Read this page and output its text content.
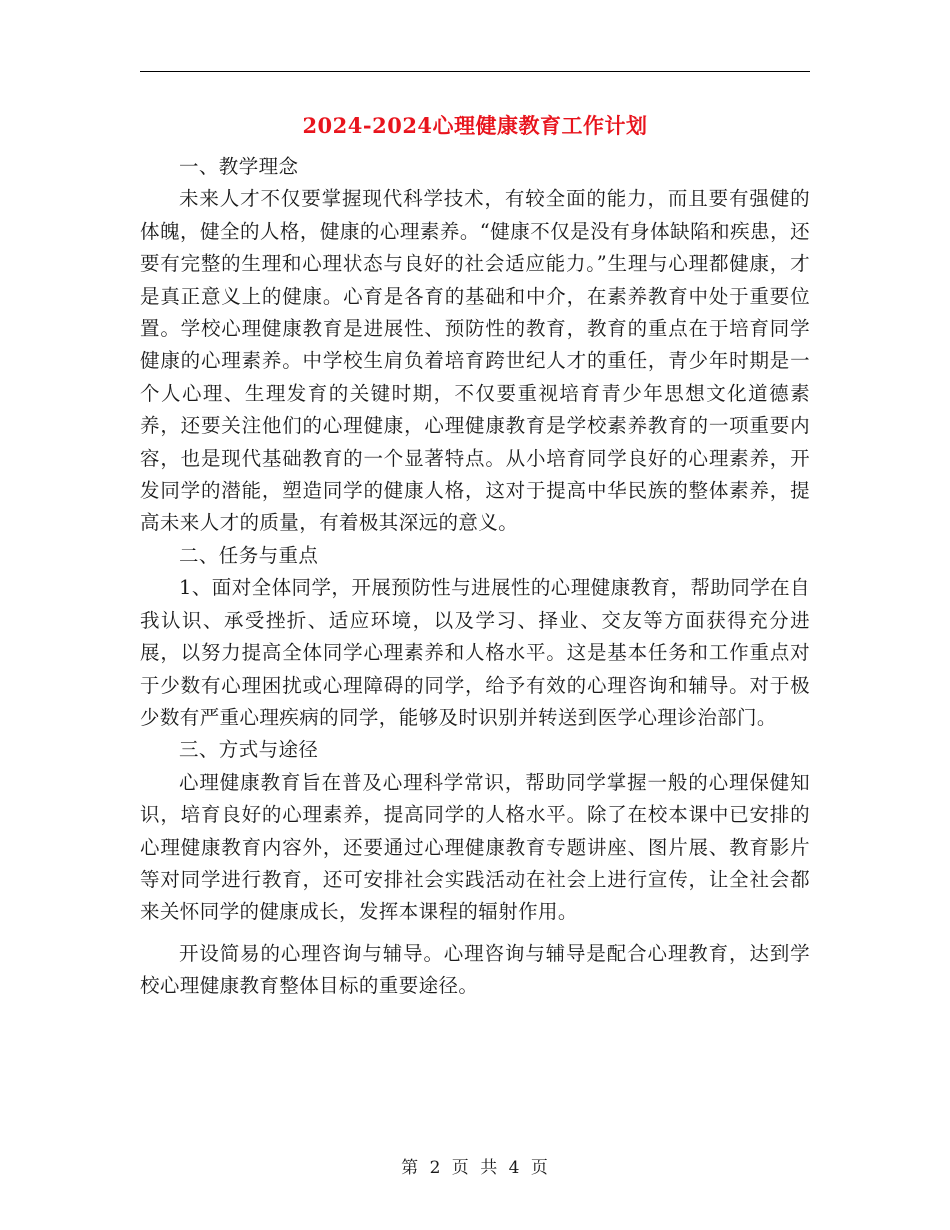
2024-2024心理健康教育工作计划

一、教学理念

未来人才不仅要掌握现代科学技术，有较全面的能力，而且要有强健的体魄，健全的人格，健康的心理素养。“健康不仅是没有身体缺陷和疾患，还要有完整的生理和心理状态与良好的社会适应能力。”生理与心理都健康，才是真正意义上的健康。心育是各育的基础和中介，在素养教育中处于重要位置。学校心理健康教育是进展性、预防性的教育，教育的重点在于培育同学健康的心理素养。中学校生肩负着培育跨世纪人才的重任，青少年时期是一个人心理、生理发育的关键时期，不仅要重视培育青少年思想文化道德素养，还要关注他们的心理健康，心理健康教育是学校素养教育的一项重要内容，也是现代基础教育的一个显著特点。从小培育同学良好的心理素养，开发同学的潜能，塑造同学的健康人格，这对于提高中华民族的整体素养，提高未来人才的质量，有着极其深远的意义。

二、任务与重点

1、面对全体同学，开展预防性与进展性的心理健康教育，帮助同学在自我认识、承受挫折、适应环境，以及学习、择业、交友等方面获得充分进展，以努力提高全体同学心理素养和人格水平。这是基本任务和工作重点对于少数有心理困扰或心理障碍的同学，给予有效的心理咨询和辅导。对于极少数有严重心理疾病的同学，能够及时识别并转送到医学心理诊治部门。

三、方式与途径

心理健康教育旨在普及心理科学常识，帮助同学掌握一般的心理保健知识，培育良好的心理素养，提高同学的人格水平。除了在校本课中已安排的心理健康教育内容外，还要通过心理健康教育专题讲座、图片展、教育影片等对同学进行教育，还可安排社会实践活动在社会上进行宣传，让全社会都来关怀同学的健康成长，发挥本课程的辐射作用。

开设简易的心理咨询与辅导。心理咨询与辅导是配合心理教育，达到学校心理健康教育整体目标的重要途径。

第 2 页 共 4 页
